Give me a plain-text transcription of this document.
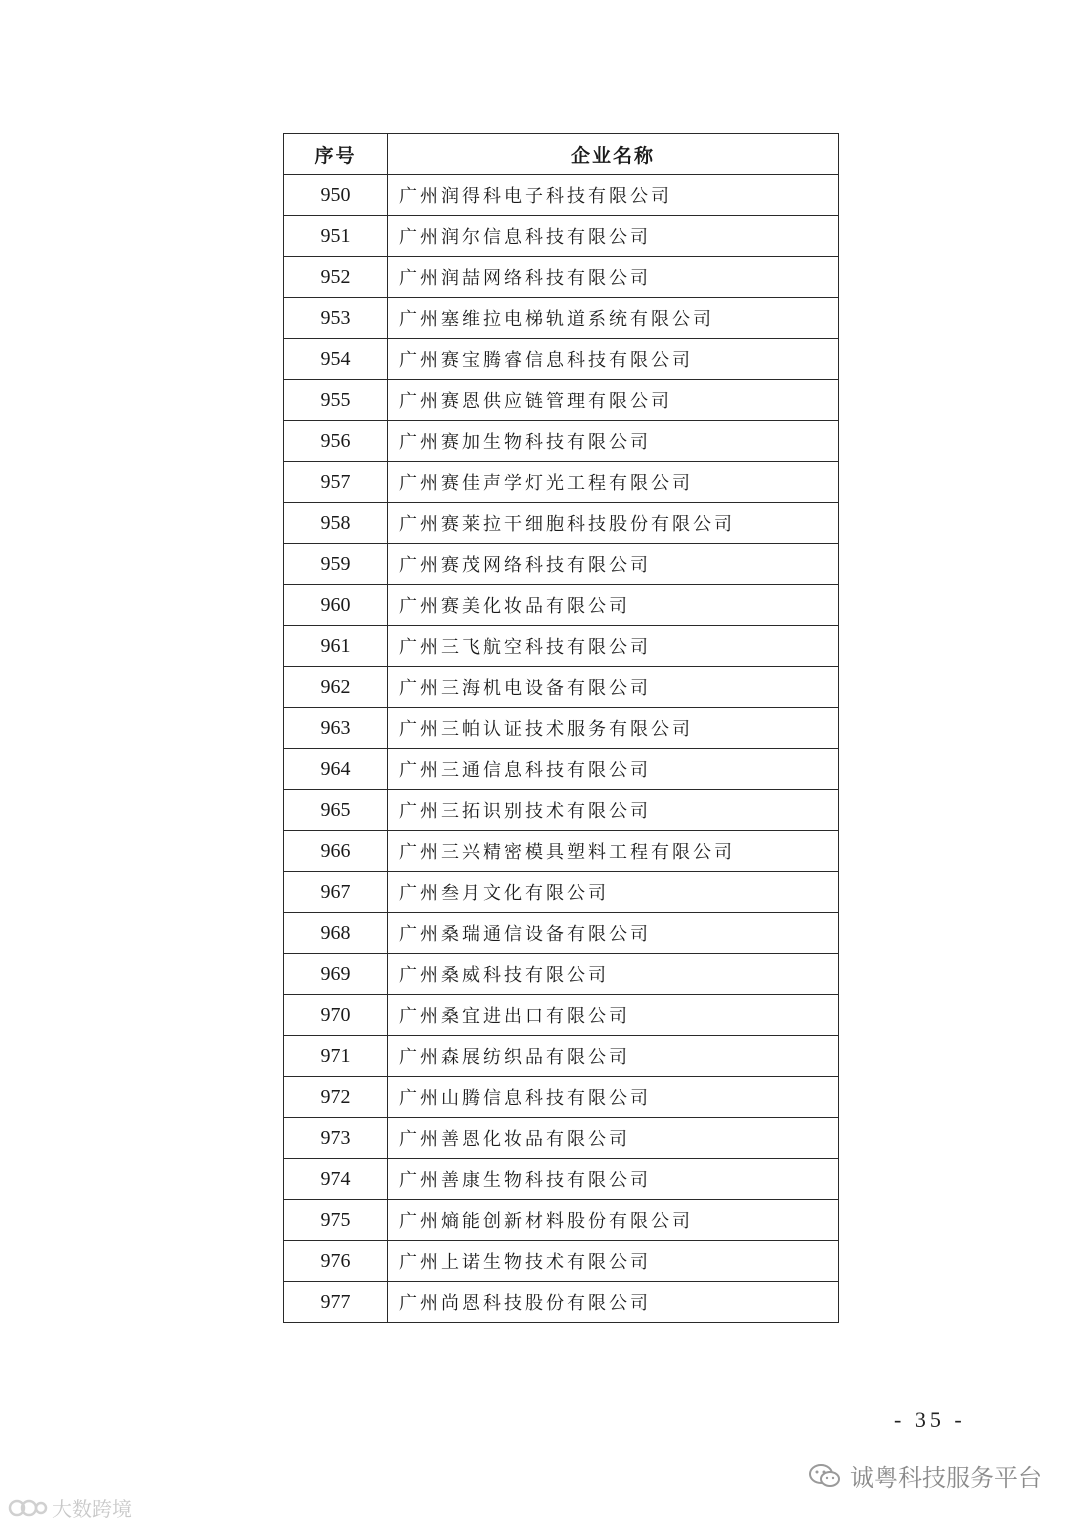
序号	企业名称
950	广州润得科电子科技有限公司
951	广州润尔信息科技有限公司
952	广州润喆网络科技有限公司
953	广州塞维拉电梯轨道系统有限公司
954	广州赛宝腾睿信息科技有限公司
955	广州赛恩供应链管理有限公司
956	广州赛加生物科技有限公司
957	广州赛佳声学灯光工程有限公司
958	广州赛莱拉干细胞科技股份有限公司
959	广州赛茂网络科技有限公司
960	广州赛美化妆品有限公司
961	广州三飞航空科技有限公司
962	广州三海机电设备有限公司
963	广州三帕认证技术服务有限公司
964	广州三通信息科技有限公司
965	广州三拓识别技术有限公司
966	广州三兴精密模具塑料工程有限公司
967	广州叁月文化有限公司
968	广州桑瑞通信设备有限公司
969	广州桑威科技有限公司
970	广州桑宜进出口有限公司
971	广州森展纺织品有限公司
972	广州山腾信息科技有限公司
973	广州善恩化妆品有限公司
974	广州善康生物科技有限公司
975	广州熵能创新材料股份有限公司
976	广州上诺生物技术有限公司
977	广州尚恩科技股份有限公司
- 35 -
诚粤科技服务平台
大数跨境
